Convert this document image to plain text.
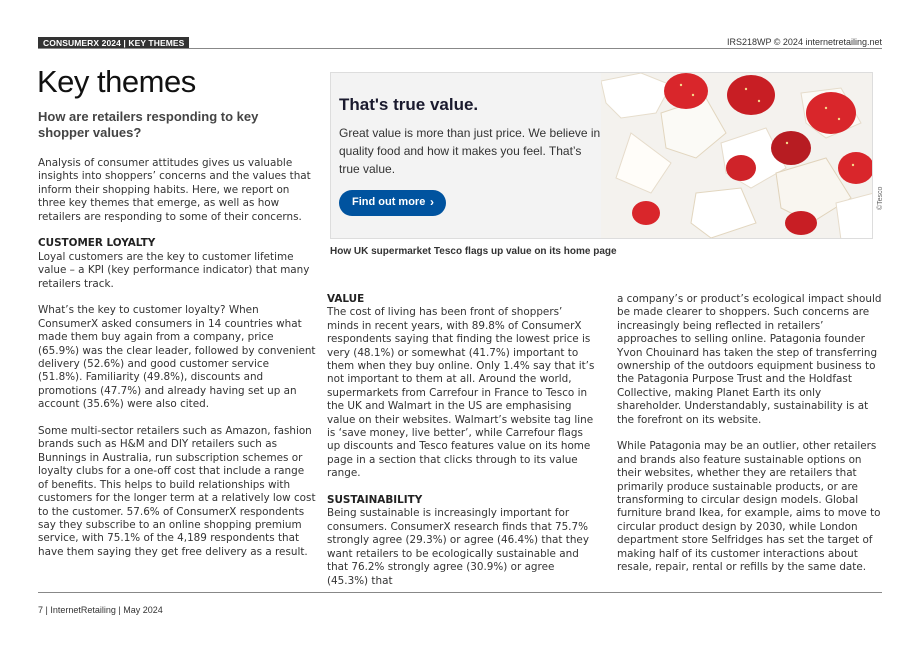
CONSUMERX 2024 | KEY THEMES	IRS218WP © 2024 internetretailing.net
Key themes
How are retailers responding to key shopper values?

Analysis of consumer attitudes gives us valuable insights into shoppers’ concerns and the values that inform their shopping habits. Here, we report on three key themes that emerge, as well as how retailers are responding to some of their concerns.

CUSTOMER LOYALTY

Loyal customers are the key to customer lifetime value – a KPI (key performance indicator) that many retailers track.

What’s the key to customer loyalty? When ConsumerX asked consumers in 14 countries what made them buy again from a company, price (65.9%) was the clear leader, followed by convenient delivery (52.6%) and good customer service (51.8%). Familiarity (49.8%), discounts and promotions (47.7%) and already having set up an account (35.6%) were also cited.

Some multi-sector retailers such as Amazon, fashion brands such as H&M and DIY retailers such as Bunnings in Australia, run subscription schemes or loyalty clubs for a one-off cost that include a range of benefits. This helps to build relationships with customers for the longer term at a relatively low cost to the customer. 57.6% of ConsumerX respondents say they subscribe to an online shopping premium service, with 75.1% of the 4,189 respondents that have them saying they get free delivery as a result.

That's true value.
Great value is more than just price. We believe in quality food and how it makes you feel. That’s true value.
Find out more ›	©Tesco
How UK supermarket Tesco flags up value on its home page
VALUE

The cost of living has been front of shoppers’ minds in recent years, with 89.8% of ConsumerX respondents saying that finding the lowest price is very (48.1%) or somewhat (41.7%) important to them when they buy online. Only 1.4% say that it’s not important to them at all. Around the world, supermarkets from Carrefour in France to Tesco in the UK and Walmart in the US are emphasising value on their websites. Walmart’s website tag line is ‘save money, live better’, while Carrefour flags up discounts and Tesco features value on its home page in a section that clicks through to its value range.

SUSTAINABILITY

Being sustainable is increasingly important for consumers. ConsumerX research finds that 75.7% strongly agree (29.3%) or agree (46.4%) that they want retailers to be ecologically sustainable and that 76.2% strongly agree (30.9%) or agree (45.3%) that

a company’s or product’s ecological impact should be made clearer to shoppers. Such concerns are increasingly being reflected in retailers’ approaches to selling online. Patagonia founder Yvon Chouinard has taken the step of transferring ownership of the outdoors equipment business to the Patagonia Purpose Trust and the Holdfast Collective, making Planet Earth its only shareholder. Understandably, sustainability is at the forefront on its website.

While Patagonia may be an outlier, other retailers and brands also feature sustainable options on their websites, whether they are retailers that primarily produce sustainable products, or are transforming to circular design models. Global furniture brand Ikea, for example, aims to move to circular product design by 2030, while London department store Selfridges has set the target of making half of its customer interactions about resale, repair, rental or refills by the same date.

7 | InternetRetailing | May 2024
